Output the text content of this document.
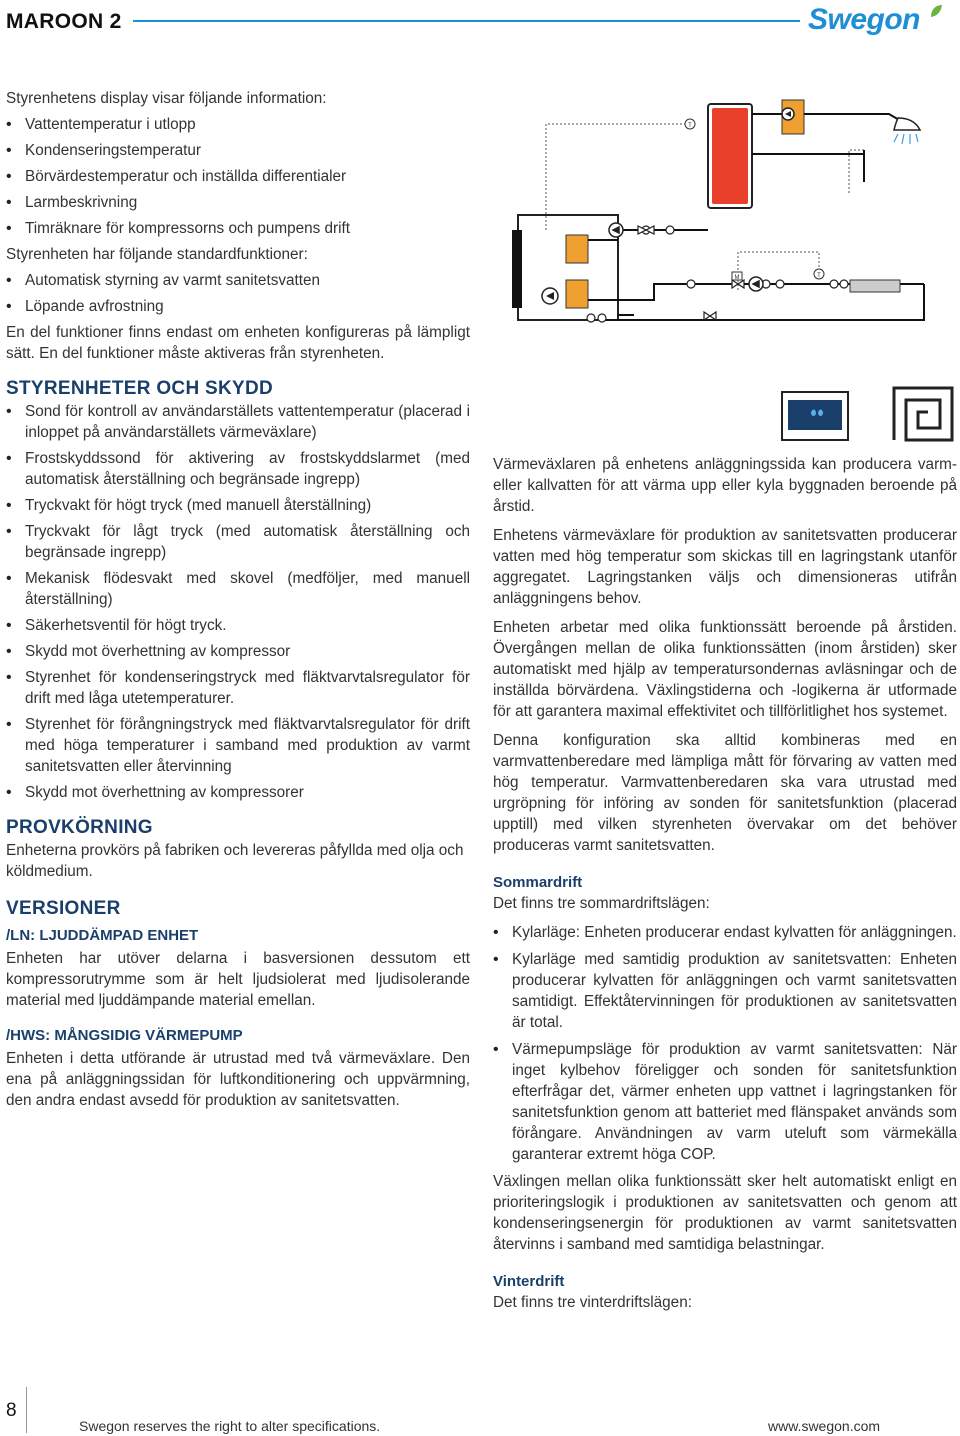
MAROON 2	Swegon

Styrenhetens display visar följande information:

• Vattentemperatur i utlopp
• Kondenseringstemperatur
• Börvärdestemperatur och inställda differentialer
• Larmbeskrivning
• Timräknare för kompressorns och pumpens drift

Styrenheten har följande standardfunktioner:

• Automatisk styrning av varmt sanitetsvatten
• Löpande avfrostning

En del funktioner finns endast om enheten konfigureras på lämpligt sätt. En del funktioner måste aktiveras från styrenheten.

STYRENHETER OCH SKYDD
• Sond för kontroll av användarställets vattentemperatur (placerad i inloppet på användarställets värmeväxlare)
• Frostskyddssond för aktivering av frostskyddslarmet (med automatisk återställning och begränsade ingrepp)
• Tryckvakt för högt tryck (med manuell återställning)
• Tryckvakt för lågt tryck (med automatisk återställning och begränsade ingrepp)
• Mekanisk flödesvakt med skovel (medföljer, med manuell återställning)
• Säkerhetsventil för högt tryck.
• Skydd mot överhettning av kompressor
• Styrenhet för kondenseringstryck med fläktvarvtalsregulator för drift med låga utetemperaturer.
• Styrenhet för förångningstryck med fläktvarvtalsregulator för drift med höga temperaturer i samband med produktion av varmt sanitetsvatten eller återvinning
• Skydd mot överhettning av kompressorer
PROVKÖRNING

Enheterna provkörs på fabriken och levereras påfyllda med olja och köldmedium.

VERSIONER
/LN: LJUDDÄMPAD ENHET

Enheten har utöver delarna i basversionen dessutom ett kompressorutrymme som är helt ljudsiolerat med ljudisolerande material med ljuddämpande material emellan.

/HWS: MÅNGSIDIG VÄRMEPUMP

Enheten i detta utförande är utrustad med två värmeväxlare. Den ena på anläggningssidan för luftkonditionering och uppvärmning, den andra endast avsedd för produktion av sanitetsvatten.

T
M	T

Värmeväxlaren på enhetens anläggningssida kan producera varm- eller kallvatten för att värma upp eller kyla byggnaden beroende på årstid.

Enhetens värmeväxlare för produktion av sanitetsvatten producerar vatten med hög temperatur som skickas till en lagringstank utanför aggregatet. Lagringstanken väljs och dimensioneras utifrån anläggningens behov.

Enheten arbetar med olika funktionssätt beroende på årstiden. Övergången mellan de olika funktionssätten (inom årstiden) sker automatiskt med hjälp av temperatursondernas avläsningar och de inställda börvärdena. Växlingstiderna och -logikerna är utformade för att garantera maximal effektivitet och tillförlitlighet hos systemet.

Denna konfiguration ska alltid kombineras med en varmvattenberedare med lämpliga mått för förvaring av vatten med hög temperatur. Varmvattenberedaren ska vara utrustad med urgröpning för införing av sonden för sanitetsfunktion (placerad upptill) med vilken styrenheten övervakar om det behöver produceras varmt sanitetsvatten.

Sommardrift

Det finns tre sommardriftslägen:

• Kylarläge: Enheten producerar endast kylvatten för anläggningen.
• Kylarläge med samtidig produktion av sanitetsvatten: Enheten producerar kylvatten för anläggningen och varmt sanitetsvatten samtidigt. Effektåtervinningen för produktionen av sanitetsvatten är total.
• Värmepumpsläge för produktion av varmt sanitetsvatten: När inget kylbehov föreligger och sonden för sanitetsfunktion efterfrågar det, värmer enheten upp vattnet i lagringstanken för sanitetsfunktion genom att batteriet med flänspaket används som förångare. Användningen av varm uteluft som värmekälla garanterar extremt höga COP.

Växlingen mellan olika funktionssätt sker helt automatiskt enligt en prioriteringslogik i produktionen av sanitetsvatten och genom att kondenseringsenergin för produktionen av varmt sanitetsvatten återvinns i samband med samtidiga belastningar.

Vinterdrift

Det finns tre vinterdriftslägen:

8
Swegon reserves the right to alter specifications.	www.swegon.com
